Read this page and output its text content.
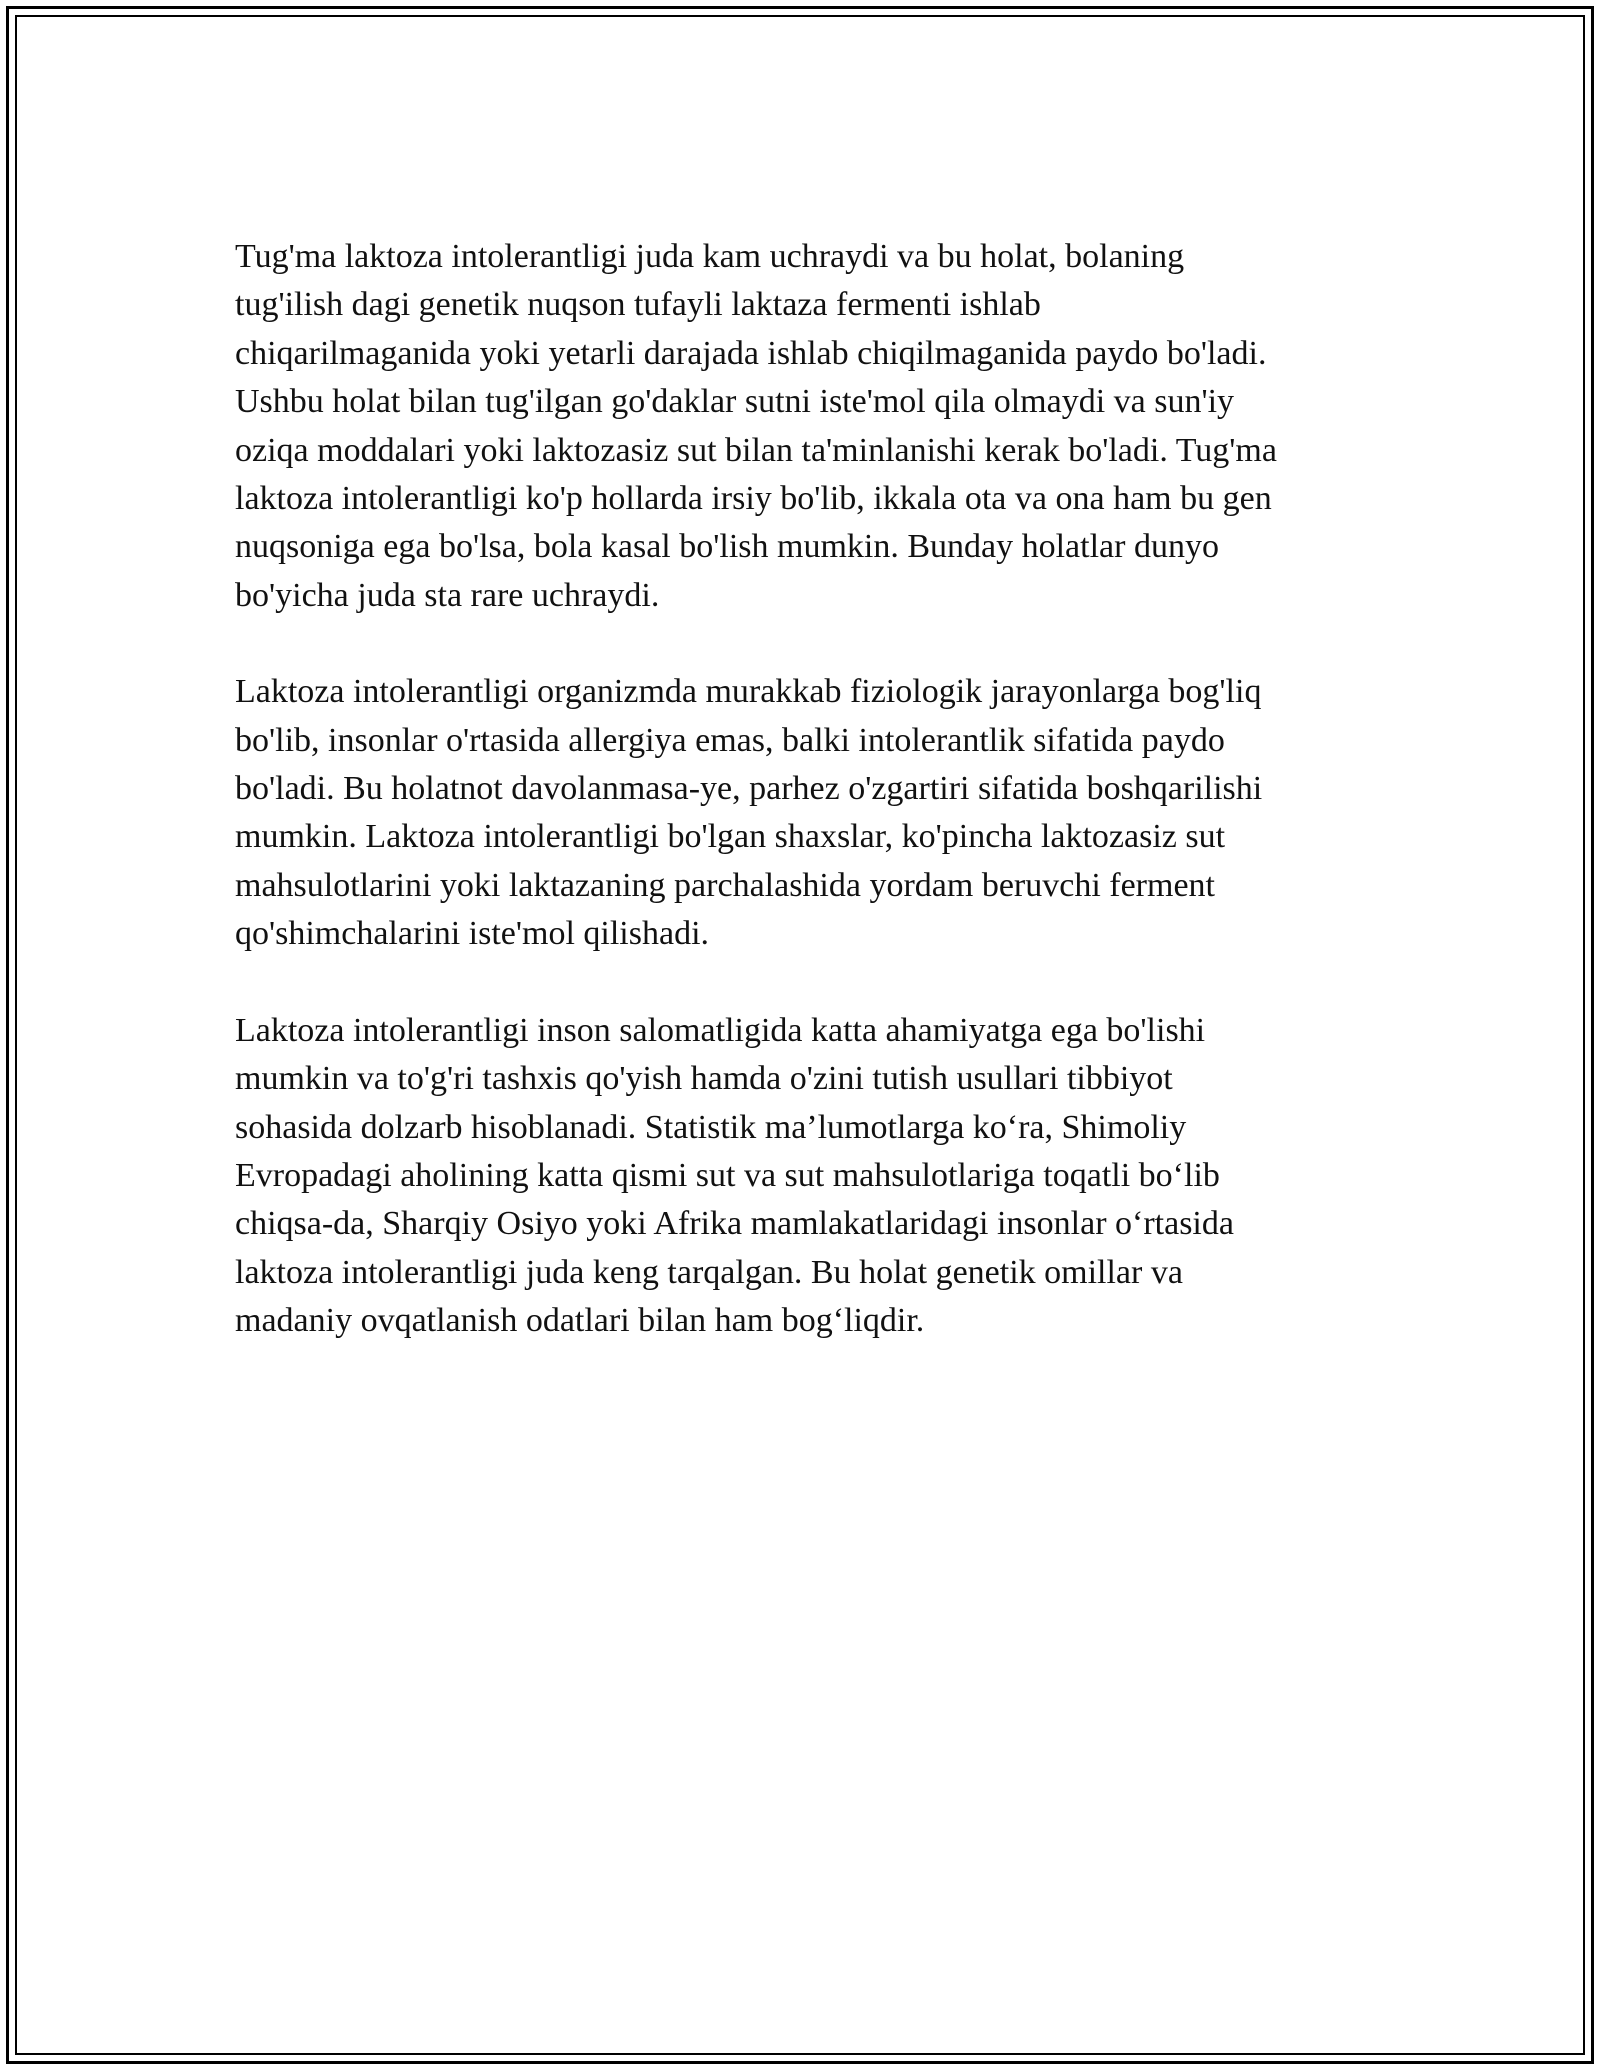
Tug'ma laktoza intolerantligi juda kam uchraydi va bu holat, bolaning
tug'ilish dagi genetik nuqson tufayli laktaza fermenti ishlab
chiqarilmaganida yoki yetarli darajada ishlab chiqilmaganida paydo bo'ladi.
Ushbu holat bilan tug'ilgan go'daklar sutni iste'mol qila olmaydi va sun'iy
oziqa moddalari yoki laktozasiz sut bilan ta'minlanishi kerak bo'ladi. Tug'ma
laktoza intolerantligi ko'p hollarda irsiy bo'lib, ikkala ota va ona ham bu gen
nuqsoniga ega bo'lsa, bola kasal bo'lish mumkin. Bunday holatlar dunyo
bo'yicha juda sta rare uchraydi.

Laktoza intolerantligi organizmda murakkab fiziologik jarayonlarga bog'liq
bo'lib, insonlar o'rtasida allergiya emas, balki intolerantlik sifatida paydo
bo'ladi. Bu holatnot davolanmasa-ye, parhez o'zgartiri sifatida boshqarilishi
mumkin. Laktoza intolerantligi bo'lgan shaxslar, ko'pincha laktozasiz sut
mahsulotlarini yoki laktazaning parchalashida yordam beruvchi ferment
qo'shimchalarini iste'mol qilishadi.

Laktoza intolerantligi inson salomatligida katta ahamiyatga ega bo'lishi
mumkin va to'g'ri tashxis qo'yish hamda o'zini tutish usullari tibbiyot
sohasida dolzarb hisoblanadi. Statistik ma’lumotlarga ko‘ra, Shimoliy
Evropadagi aholining katta qismi sut va sut mahsulotlariga toqatli bo‘lib
chiqsa-da, Sharqiy Osiyo yoki Afrika mamlakatlaridagi insonlar o‘rtasida
laktoza intolerantligi juda keng tarqalgan. Bu holat genetik omillar va
madaniy ovqatlanish odatlari bilan ham bog‘liqdir.
